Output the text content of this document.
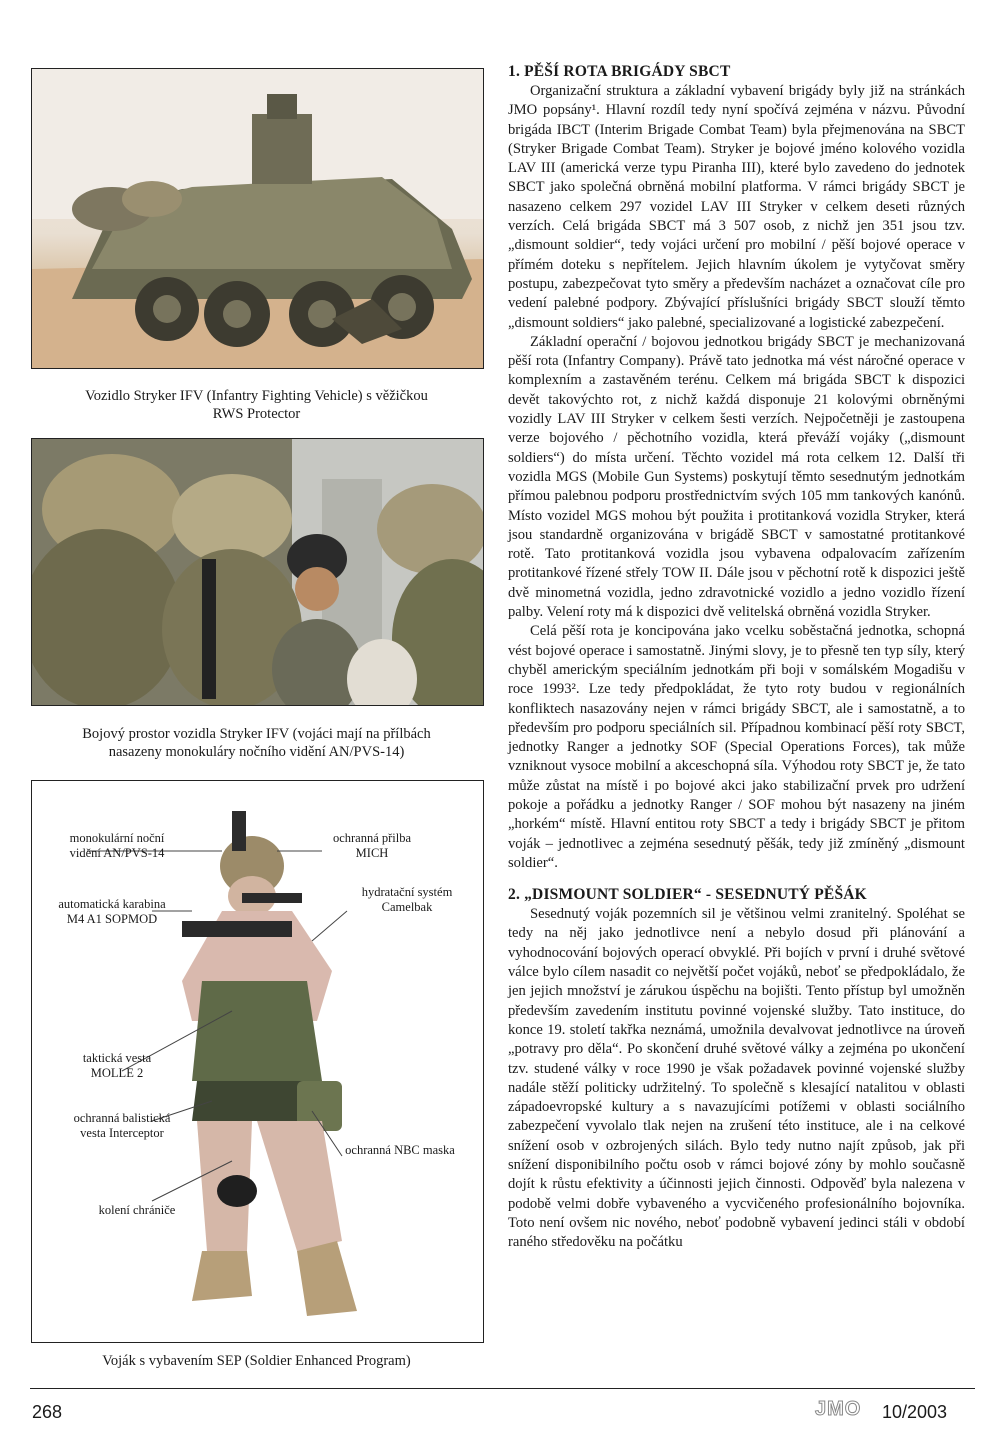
Vozidlo Stryker IFV (Infantry Fighting Vehicle) s věžičkou
RWS Protector
Bojový prostor vozidla Stryker IFV (vojáci mají na přílbách
nasazeny monokuláry nočního vidění AN/PVS-14)
monokulární noční
vidění AN/PVS-14
ochranná přilba
MICH
hydratační systém
Camelbak
automatická karabina
M4 A1 SOPMOD
taktická vesta
MOLLE 2
ochranná balistická
vesta Interceptor
ochranná NBC maska
kolení chrániče
Voják s vybavením SEP (Soldier Enhanced Program)
1. PĚŠÍ ROTA BRIGÁDY SBCT

Organizační struktura a základní vybavení brigády byly již na stránkách JMO popsány¹. Hlavní rozdíl tedy nyní spočívá zejména v názvu. Původní brigáda IBCT (Interim Brigade Combat Team) byla přejmenována na SBCT (Stryker Brigade Combat Team). Stryker je bojové jméno kolového vozidla LAV III (americká verze typu Piranha III), které bylo zavedeno do jednotek SBCT jako společná obrněná mobilní platforma. V rámci brigády SBCT je nasazeno celkem 297 vozidel LAV III Stryker v celkem deseti různých verzích. Celá brigáda SBCT má 3 507 osob, z nichž jen 351 jsou tzv. „dismount soldier“, tedy vojáci určení pro mobilní / pěší bojové operace v přímém doteku s nepřítelem. Jejich hlavním úkolem je vytyčovat směry postupu, zabezpečovat tyto směry a především nacházet a označovat cíle pro vedení palebné podpory. Zbývající příslušníci brigády SBCT slouží těmto „dismount soldiers“ jako palebné, specializované a logistické zabezpečení.

Základní operační / bojovou jednotkou brigády SBCT je mechanizovaná pěší rota (Infantry Company). Právě tato jednotka má vést náročné operace v komplexním a zastavěném terénu. Celkem má brigáda SBCT k dispozici devět takovýchto rot, z nichž každá disponuje 21 kolovými obrněnými vozidly LAV III Stryker v celkem šesti verzích. Nejpočetněji je zastoupena verze bojového / pěchotního vozidla, která převáží vojáky („dismount soldiers“) do místa určení. Těchto vozidel má rota celkem 12. Další tři vozidla MGS (Mobile Gun Systems) poskytují těmto sesednutým jednotkám přímou palebnou podporu prostřednictvím svých 105 mm tankových kanónů. Místo vozidel MGS mohou být použita i protitanková vozidla Stryker, která jsou standardně organizována v brigádě SBCT v samostatné protitankové rotě. Tato protitanková vozidla jsou vybavena odpalovacím zařízením protitankové řízené střely TOW II. Dále jsou v pěchotní rotě k dispozici ještě dvě minometná vozidla, jedno zdravotnické vozidlo a jedno vozidlo řízení palby. Velení roty má k dispozici dvě velitelská obrněná vozidla Stryker.

Celá pěší rota je koncipována jako vcelku soběstačná jednotka, schopná vést bojové operace i samostatně. Jinými slovy, je to přesně ten typ síly, který chyběl americkým speciálním jednotkám při boji v somálském Mogadišu v roce 1993². Lze tedy předpokládat, že tyto roty budou v regionálních konfliktech nasazovány nejen v rámci brigády SBCT, ale i samostatně, a to především pro podporu speciálních sil. Případnou kombinací pěší roty SBCT, jednotky Ranger a jednotky SOF (Special Operations Forces), tak může vzniknout vysoce mobilní a akceschopná síla. Výhodou roty SBCT je, že tato může zůstat na místě i po bojové akci jako stabilizační prvek pro udržení pokoje a pořádku a jednotky Ranger / SOF mohou být nasazeny na jiném „horkém“ místě. Hlavní entitou roty SBCT a tedy i brigády SBCT je přitom voják – jednotlivec a zejména sesednutý pěšák, tedy již zmíněný „dismount soldier“.

2. „DISMOUNT SOLDIER“ - SESEDNUTÝ PĚŠÁK

Sesednutý voják pozemních sil je většinou velmi zranitelný. Spoléhat se tedy na něj jako jednotlivce není a nebylo dosud při plánování a vyhodnocování bojových operací obvyklé. Při bojích v první i druhé světové válce bylo cílem nasadit co největší počet vojáků, neboť se předpokládalo, že jen jejich množství je zárukou úspěchu na bojišti. Tento přístup byl umožněn především zavedením institutu povinné vojenské služby. Tato instituce, do konce 19. století takřka neznámá, umožnila devalvovat jednotlivce na úroveň „potravy pro děla“. Po skončení druhé světové války a zejména po ukončení tzv. studené války v roce 1990 je však požadavek povinné vojenské služby nadále stěží politicky udržitelný. To společně s klesající natalitou v oblasti západoevropské kultury a s navazujícími potížemi v oblasti sociálního zabezpečení vyvolalo tlak nejen na zrušení této instituce, ale i na celkové snížení osob v ozbrojených silách. Bylo tedy nutno najít způsob, jak při snížení disponibilního počtu osob v rámci bojové zóny by mohlo současně dojít k růstu efektivity a účinnosti jejich činnosti. Odpověď byla nalezena v podobě velmi dobře vybaveného a vycvičeného profesionálního bojovníka. Toto není ovšem nic nového, neboť podobně vybavení jedinci stáli v období raného středověku na počátku

268	JMO 10/2003
